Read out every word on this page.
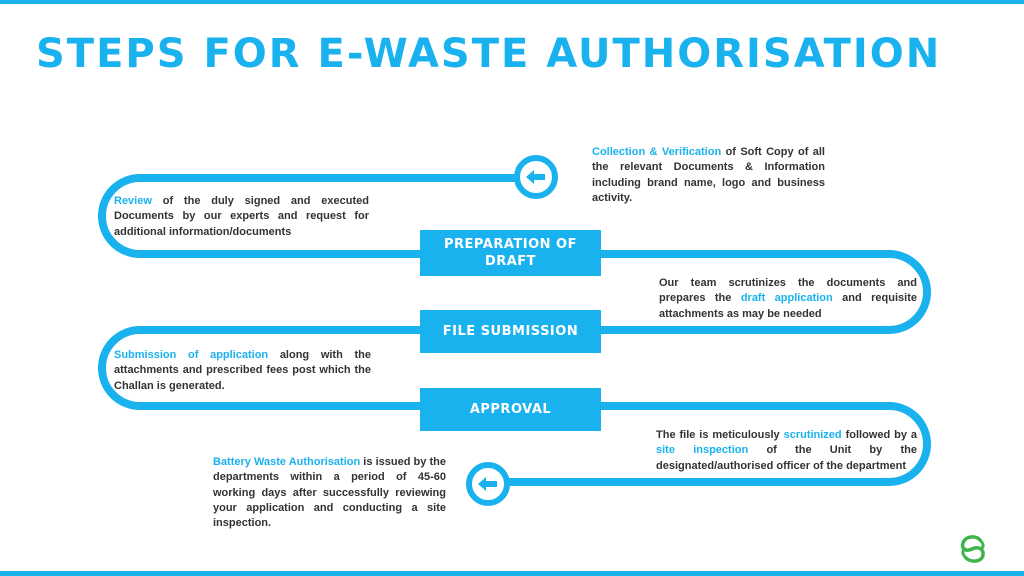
STEPS FOR E-WASTE AUTHORISATION
PREPARATION OF DRAFT
FILE SUBMISSION
APPROVAL

Collection & Verification of Soft Copy of all the relevant Documents & Information including brand name, logo and business activity.

Review of the duly signed and executed Documents by our experts and request for additional information/documents

Our team scrutinizes the documents and prepares the draft application and requisite attachments as may be needed

Submission of application along with the attachments and prescribed fees post which the Challan is generated.

The file is meticulously scrutinized followed by a site inspection of the Unit by the designated/authorised officer of the department

Battery Waste Authorisation is issued by the departments within a period of 45-60 working days after successfully reviewing your application and conducting a site inspection.
